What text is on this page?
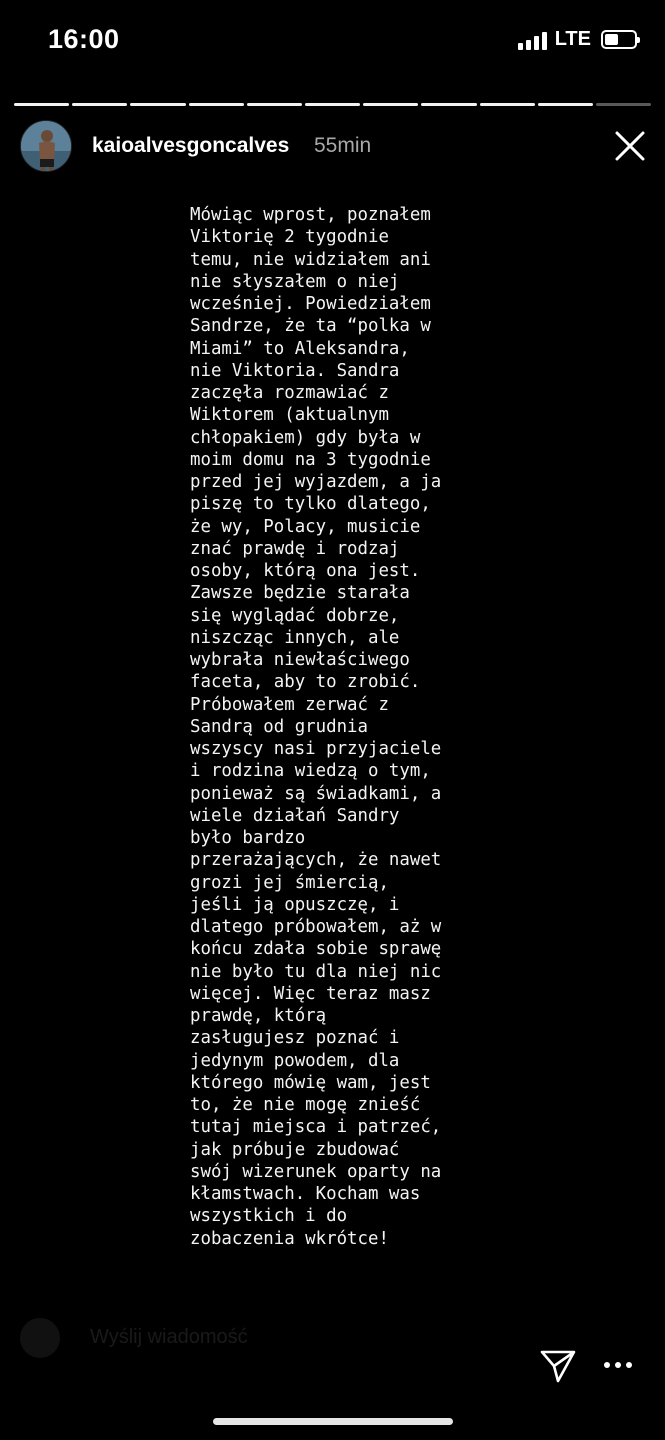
16:00	LTE
kaioalvesgoncalves 55min
Mówiąc wprost, poznałem
Viktorię 2 tygodnie
temu, nie widziałem ani
nie słyszałem o niej
wcześniej. Powiedziałem
Sandrze, że ta “polka w
Miami” to Aleksandra,
nie Viktoria. Sandra
zaczęła rozmawiać z
Wiktorem (aktualnym
chłopakiem) gdy była w
moim domu na 3 tygodnie
przed jej wyjazdem, a ja
piszę to tylko dlatego,
że wy, Polacy, musicie
znać prawdę i rodzaj
osoby, którą ona jest.
Zawsze będzie starała
się wyglądać dobrze,
niszcząc innych, ale
wybrała niewłaściwego
faceta, aby to zrobić.
Próbowałem zerwać z
Sandrą od grudnia
wszyscy nasi przyjaciele
i rodzina wiedzą o tym,
ponieważ są świadkami, a
wiele działań Sandry
było bardzo
przerażających, że nawet
grozi jej śmiercią,
jeśli ją opuszczę, i
dlatego próbowałem, aż w
końcu zdała sobie sprawę
nie było tu dla niej nic
więcej. Więc teraz masz
prawdę, którą
zasługujesz poznać i
jedynym powodem, dla
którego mówię wam, jest
to, że nie mogę znieść
tutaj miejsca i patrzeć,
jak próbuje zbudować
swój wizerunek oparty na
kłamstwach. Kocham was
wszystkich i do
zobaczenia wkrótce!
Wyślij wiadomość
